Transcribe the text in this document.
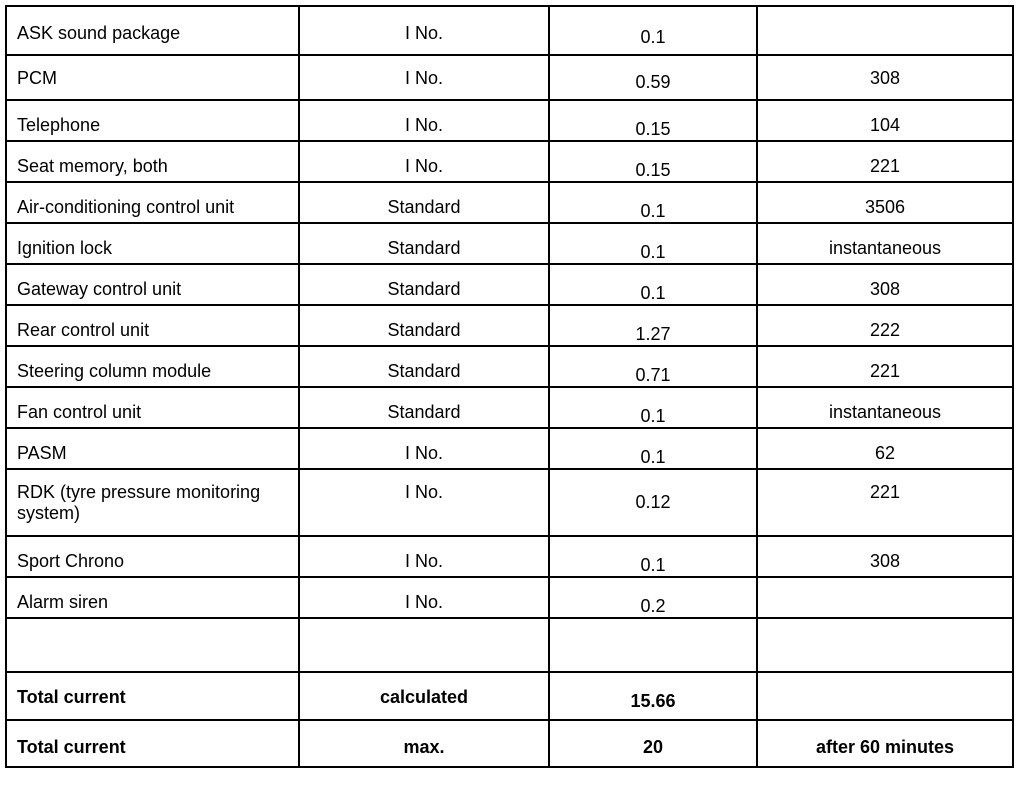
ASK sound package	I No.	0.1	
PCM	I No.	0.59	308
Telephone	I No.	0.15	104
Seat memory, both	I No.	0.15	221
Air-conditioning control unit	Standard	0.1	3506
Ignition lock	Standard	0.1	instantaneous
Gateway control unit	Standard	0.1	308
Rear control unit	Standard	1.27	222
Steering column module	Standard	0.71	221
Fan control unit	Standard	0.1	instantaneous
PASM	I No.	0.1	62
RDK (tyre pressure monitoring system)	I No.	0.12	221
Sport Chrono	I No.	0.1	308
Alarm siren	I No.	0.2	

Total current	calculated	15.66	
Total current	max.	20	after 60 minutes
